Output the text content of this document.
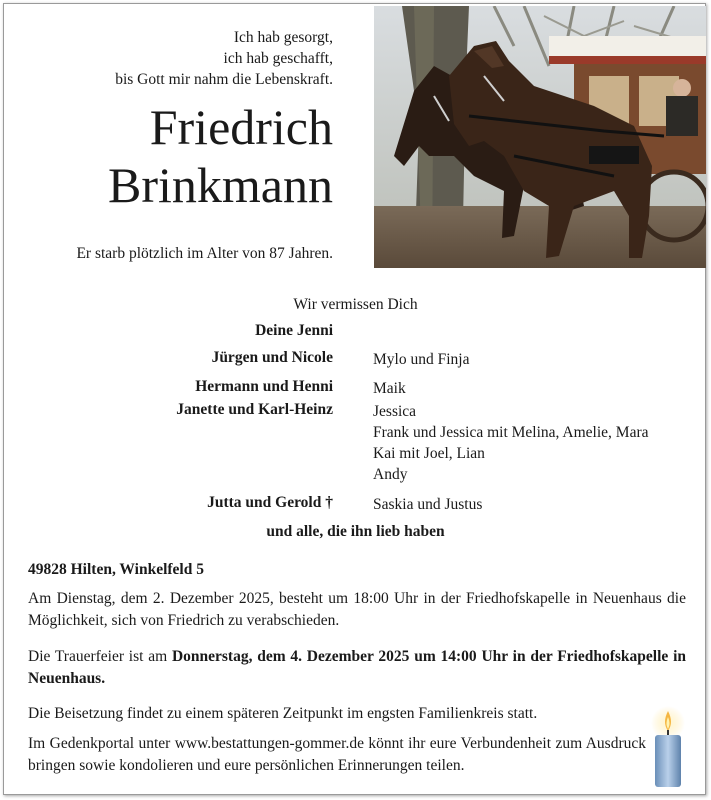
Ich hab gesorgt,
ich hab geschafft,
bis Gott mir nahm die Lebenskraft.
Friedrich
Brinkmann
Er starb plötzlich im Alter von 87 Jahren.
Wir vermissen Dich
Deine Jenni
Jürgen und Nicole	Mylo und Finja
Hermann und Henni	Maik
Janette und Karl-Heinz	Jessica
Frank und Jessica mit Melina, Amelie, Mara
Kai mit Joel, Lian
Andy
Jutta und Gerold †	Saskia und Justus
und alle, die ihn lieb haben
49828 Hilten, Winkelfeld 5
Am Dienstag, dem 2. Dezember 2025, besteht um 18:00 Uhr in der Friedhofskapelle in Neuenhaus die Möglichkeit, sich von Friedrich zu verabschieden.
Die Trauerfeier ist am Donnerstag, dem 4. Dezember 2025 um 14:00 Uhr in der Friedhofskapelle in Neuenhaus.
Die Beisetzung findet zu einem späteren Zeitpunkt im engsten Familienkreis statt.
Im Gedenkportal unter www.bestattungen-gommer.de könnt ihr eure Verbundenheit zum Ausdruck bringen sowie kondolieren und eure persönlichen Erinnerungen teilen.
